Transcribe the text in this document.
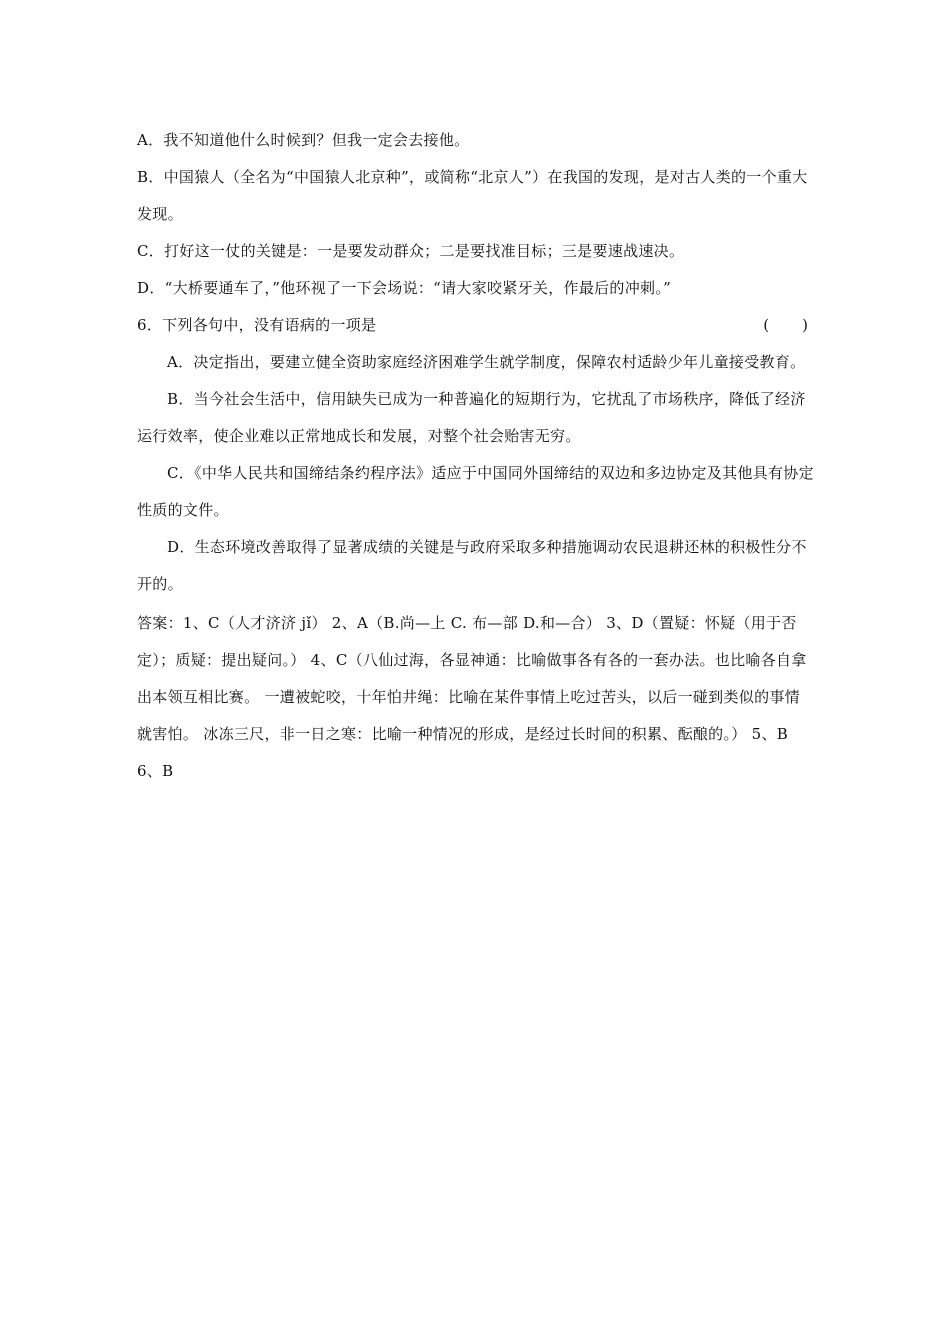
A．我不知道他什么时候到？但我一定会去接他。
B．中国猿人（全名为“中国猿人北京种”，或简称“北京人”）在我国的发现，是对古人类的一个重大发现。
C．打好这一仗的关键是：一是要发动群众；二是要找准目标；三是要速战速决。
D．“大桥要通车了，”他环视了一下会场说：“请大家咬紧牙关，作最后的冲刺。”
6．下列各句中，没有语病的一项是	(　　)
A．决定指出，要建立健全资助家庭经济困难学生就学制度，保障农村适龄少年儿童接受教育。
B．当今社会生活中，信用缺失已成为一种普遍化的短期行为，它扰乱了市场秩序，降低了经济运行效率，使企业难以正常地成长和发展，对整个社会贻害无穷。
C．《中华人民共和国缔结条约程序法》适应于中国同外国缔结的双边和多边协定及其他具有协定性质的文件。
D．生态环境改善取得了显著成绩的关键是与政府采取多种措施调动农民退耕还林的积极性分不开的。
答案：1、C（人才济济 jǐ） 2、A（B.尚—上 C. 布—部 D.和—合） 3、D（置疑：怀疑（用于否定）；质疑：提出疑问。） 4、C（八仙过海，各显神通：比喻做事各有各的一套办法。也比喻各自拿出本领互相比赛。 一遭被蛇咬，十年怕井绳：比喻在某件事情上吃过苦头，以后一碰到类似的事情就害怕。 冰冻三尺，非一日之寒：比喻一种情况的形成，是经过长时间的积累、酝酿的。） 5、B 6、B
